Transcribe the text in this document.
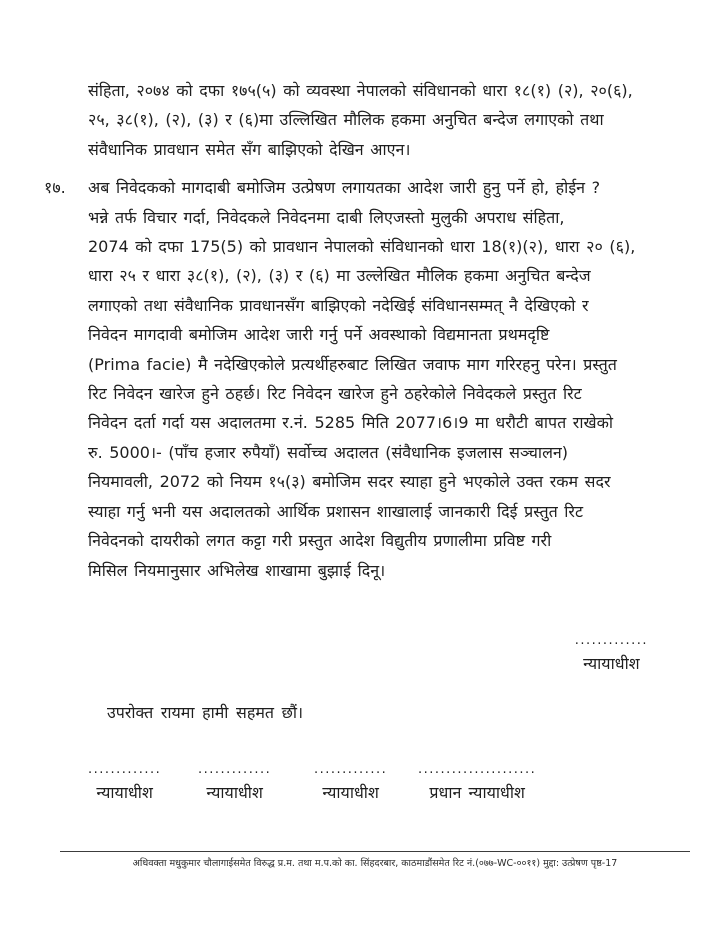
संहिता, २०७४ को दफा १७५(५) को व्यवस्था नेपालको संविधानको धारा १८(१) (२), २०(६),
२५, ३८(१), (२), (३) र (६)मा उल्लिखित मौलिक हकमा अनुचित बन्देज लगाएको तथा
संवैधानिक प्रावधान समेत सँग बाझिएको देखिन आएन।
१७. अब निवेदकको मागदाबी बमोजिम उत्प्रेषण लगायतका आदेश जारी हुनु पर्ने हो, होईन ?
भन्ने तर्फ विचार गर्दा, निवेदकले निवेदनमा दाबी लिएजस्तो मुलुकी अपराध संहिता,
2074 को दफा 175(5) को प्रावधान नेपालको संविधानको धारा 18(१)(२), धारा २० (६),
धारा २५ र धारा ३८(१), (२), (३) र (६) मा उल्लेखित मौलिक हकमा अनुचित बन्देज
लगाएको तथा संवैधानिक प्रावधानसँग बाझिएको नदेखिई संविधानसम्मत् नै देखिएको र
निवेदन मागदावी बमोजिम आदेश जारी गर्नु पर्ने अवस्थाको विद्यमानता प्रथमदृष्टि
(Prima facie) मै नदेखिएकोले प्रत्यर्थीहरुबाट लिखित जवाफ माग गरिरहनु परेन। प्रस्तुत
रिट निवेदन खारेज हुने ठहर्छ। रिट निवेदन खारेज हुने ठहरेकोले निवेदकले प्रस्तुत रिट
निवेदन दर्ता गर्दा यस अदालतमा र.नं. 5285 मिति 2077।6।9 मा धरौटी बापत राखेको
रु. 5000।- (पाँच हजार रुपैयाँ) सर्वोच्च अदालत (संवैधानिक इजलास सञ्चालन)
नियमावली, 2072 को नियम १५(३) बमोजिम सदर स्याहा हुने भएकोले उक्त रकम सदर
स्याहा गर्नु भनी यस अदालतको आर्थिक प्रशासन शाखालाई जानकारी दिई प्रस्तुत रिट
निवेदनको दायरीको लगत कट्टा गरी प्रस्तुत आदेश विद्युतीय प्रणालीमा प्रविष्ट गरी
मिसिल नियमानुसार अभिलेख शाखामा बुझाई दिनू।
.............
न्यायाधीश
उपरोक्त रायमा हामी सहमत छौं।
.............
न्यायाधीश
.............
न्यायाधीश
.............
न्यायाधीश
.....................
प्रधान न्यायाधीश
अधिवक्ता मधुकुमार चौलागाईसमेत विरुद्ध प्र.म. तथा म.प.को का. सिंहदरबार, काठमाडौंसमेत रिट नं.(०७७-WC-००११) मुद्दा: उत्प्रेषण पृष्ठ-17
